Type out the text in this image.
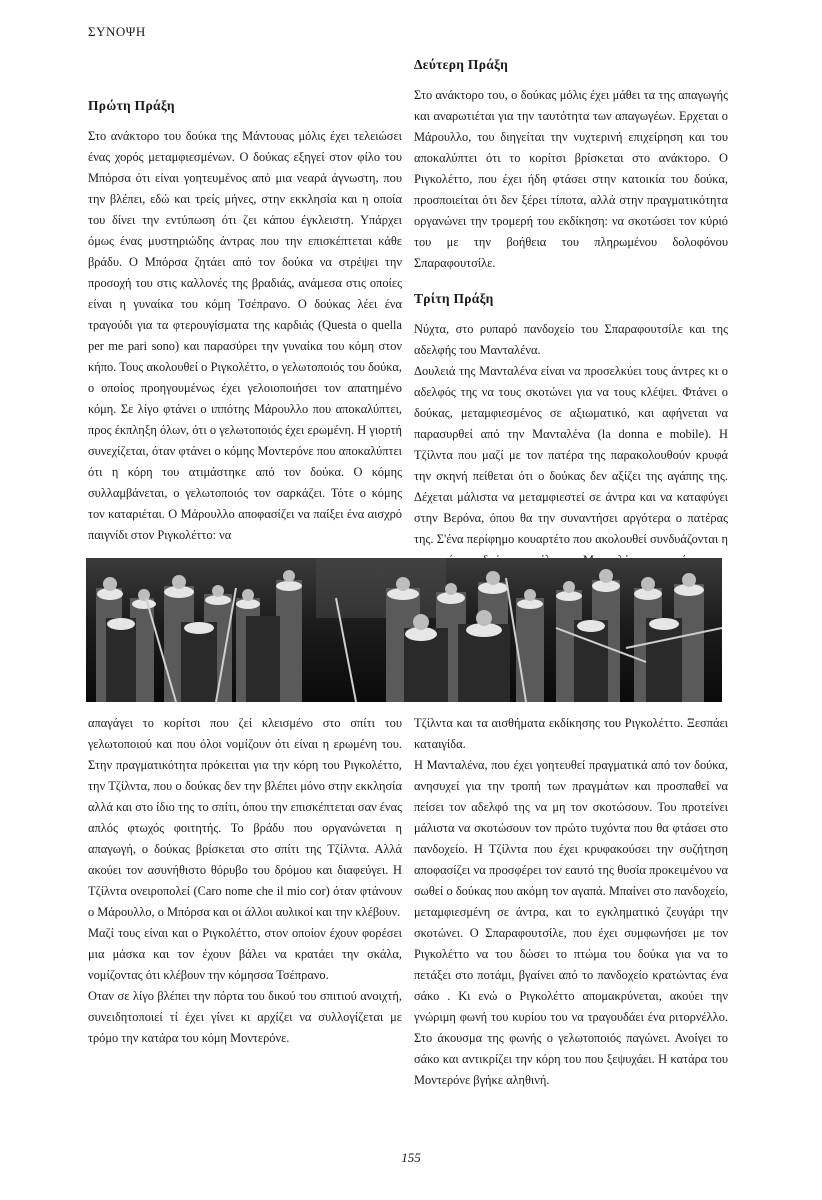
ΣΥΝΟΨΗ
Πρώτη Πράξη

Στο ανάκτορο του δούκα της Μάντουας μόλις έχει τελειώσει ένας χορός μεταμφιεσμένων. Ο δούκας εξηγεί στον φίλο του Μπόρσα ότι είναι γοητευμένος από μια νεαρά άγνωστη, που την βλέπει, εδώ και τρείς μήνες, στην εκκλησία και η οποία του δίνει την εντύπωση ότι ζει κάπου έγκλειστη. Υπάρχει όμως ένας μυστηριώδης άντρας που την επισκέπτεται κάθε βράδυ. Ο Μπόρσα ζητάει από τον δούκα να στρέψει την προσοχή του στις καλλονές της βραδιάς, ανάμεσα στις οποίες είναι η γυναίκα του κόμη Τσέπρανο. Ο δούκας λέει ένα τραγούδι για τα φτερουγίσματα της καρδιάς (Questa o quella per me pari sono) και παρασύρει την γυναίκα του κόμη στον κήπο. Τους ακολουθεί ο Ριγκολέττο, ο γελωτοποιός του δούκα, ο οποίος προηγουμένως έχει γελοιοποιήσει τον απατημένο κόμη. Σε λίγο φτάνει ο ιππότης Μάρουλλο που αποκαλύπτει, προς έκπληξη όλων, ότι ο γελωτοποιός έχει ερωμένη. Η γιορτή συνεχίζεται, όταν φτάνει ο κόμης Μοντερόνε που αποκαλύπτει ότι η κόρη του ατιμάστηκε από τον δούκα. Ο κόμης συλλαμβάνεται, ο γελωτοποιός τον σαρκάζει. Τότε ο κόμης τον καταριέται. Ο Μάρουλλο αποφασίζει να παίξει ένα αισχρό παιγνίδι στον Ριγκολέττο: να

Δεύτερη Πράξη

Στο ανάκτορο του, ο δούκας μόλις έχει μάθει τα της απαγωγής και αναρωτιέται για την ταυτότητα των απαγωγέων. Ερχεται ο Μάρουλλο, του διηγείται την νυχτερινή επιχείρηση και του αποκαλύπτει ότι το κορίτσι βρίσκεται στο ανάκτορο. Ο Ριγκολέττο, που έχει ήδη φτάσει στην κατοικία του δούκα, προσποιείται ότι δεν ξέρει τίποτα, αλλά στην πραγματικότητα οργανώνει την τρομερή του εκδίκηση: να σκοτώσει τον κύριό του με την βοήθεια του πληρωμένου δολοφόνου Σπαραφουτσίλε.

Τρίτη Πράξη

Νύχτα, στο ρυπαρό πανδοχείο του Σπαραφουτσίλε και της αδελφής του Μανταλένα.

Δουλειά της Μανταλένα είναι να προσελκύει τους άντρες κι ο αδελφός της να τους σκοτώνει για να τους κλέψει. Φτάνει ο δούκας, μεταμφιεσμένος σε αξιωματικό, και αφήνεται να παρασυρθεί από την Μανταλένα (la donna e mobile). Η Τζίλντα που μαζί με τον πατέρα της παρακολουθούν κρυφά την σκηνή πείθεται ότι ο δούκας δεν αξίζει της αγάπης της. Δέχεται μάλιστα να μεταμφιεστεί σε άντρα και να καταφύγει στην Βερόνα, όπου θα την συναντήσει αργότερα ο πατέρας της. Σ'ένα περίφημο κουαρτέτο που ακολουθεί συνδυάζονται η

απαγάγει το κορίτσι που ζεί κλεισμένο στο σπίτι του γελωτοποιού και που όλοι νομίζουν ότι είναι η ερωμένη του. Στην πραγματικότητα πρόκειται για την κόρη του Ριγκολέττο, την Τζίλντα, που ο δούκας δεν την βλέπει μόνο στην εκκλησία αλλά και στο ίδιο της το σπίτι, όπου την επισκέπτεται σαν ένας απλός φτωχός φοιτητής. Το βράδυ που οργανώνεται η απαγωγή, ο δούκας βρίσκεται στο σπίτι της Τζίλντα. Αλλά ακούει τον ασυνήθιστο θόρυβο του δρόμου και διαφεύγει. Η Τζίλντα ονειροπολεί (Caro nome che il mio cor) όταν φτάνουν ο Μάρουλλο, ο Μπόρσα και οι άλλοι αυλικοί και την κλέβουν.

Μαζί τους είναι και ο Ριγκολέττο, στον οποίον έχουν φορέσει μια μάσκα και τον έχουν βάλει να κρατάει την σκάλα, νομίζοντας ότι κλέβουν την κόμησσα Τσέπρανο.

Οταν σε λίγο βλέπει την πόρτα του δικού του σπιτιού ανοιχτή, συνειδητοποιεί τί έχει γίνει κι αρχίζει να συλλογίζεται με τρόμο την κατάρα του κόμη Μοντερόνε.

Τζίλντα και τα αισθήματα εκδίκησης του Ριγκολέττο. Ξεσπάει καταιγίδα.

Η Μανταλένα, που έχει γοητευθεί πραγματικά από τον δούκα, ανησυχεί για την τροπή των πραγμάτων και προσπαθεί να πείσει τον αδελφό της να μη τον σκοτώσουν. Του προτείνει μάλιστα να σκοτώσουν τον πρώτο τυχόντα που θα φτάσει στο πανδοχείο. Η Τζίλντα που έχει κρυφακούσει την συζήτηση αποφασίζει να προσφέρει τον εαυτό της θυσία προκειμένου να σωθεί ο δούκας που ακόμη τον αγαπά. Μπαίνει στο πανδοχείο, μεταμφιεσμένη σε άντρα, και το εγκληματικό ζευγάρι την σκοτώνει. Ο Σπαραφουτσίλε, που έχει συμφωνήσει με τον Ριγκολέττο να του δώσει το πτώμα του δούκα για να το πετάξει στο ποτάμι, βγαίνει από το πανδοχείο κρατώντας ένα σάκο . Κι ενώ ο Ριγκολέττο απομακρύνεται, ακούει την γνώριμη φωνή του κυρίου του να τραγουδάει ένα ριτορνέλλο. Στο άκουσμα της φωνής ο γελωτοποιός παγώνει. Ανοίγει το σάκο και αντικρίζει την κόρη του που ξεψυχάει. Η κατάρα του Μοντερόνε βγήκε αληθινή.

155
